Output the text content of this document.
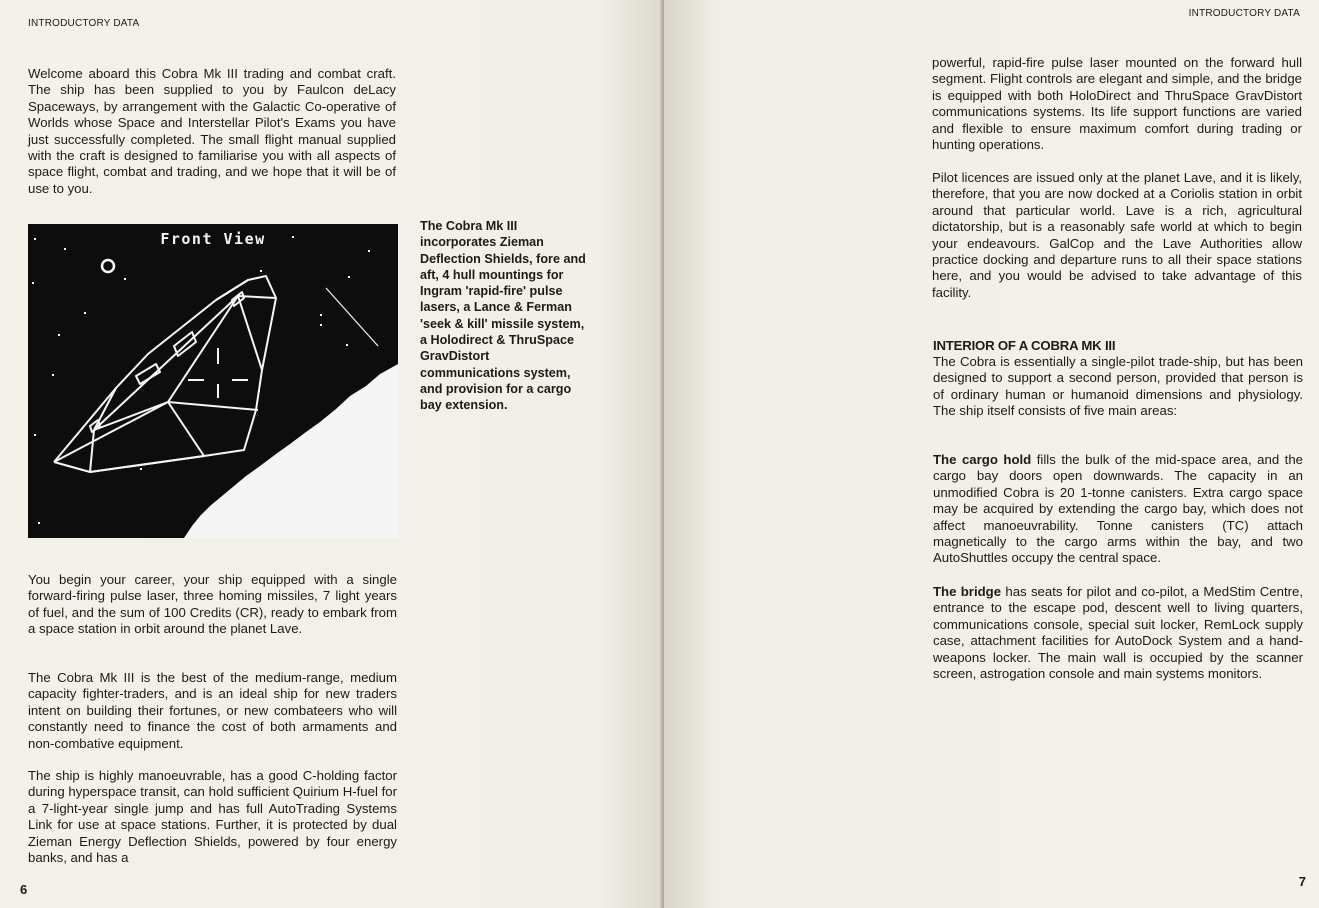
INTRODUCTORY DATA

Welcome aboard this Cobra Mk III trading and combat craft. The ship has been supplied to you by Faulcon deLacy Spaceways, by arrangement with the Galactic Co-operative of Worlds whose Space and Interstellar Pilot's Exams you have just successfully completed. The small flight manual supplied with the craft is designed to familiarise you with all aspects of space flight, combat and trading, and we hope that it will be of use to you.

Front View

The Cobra Mk III incorporates Zieman Deflection Shields, fore and aft, 4 hull mountings for Ingram 'rapid-fire' pulse lasers, a Lance & Ferman 'seek & kill' missile system, a Holodirect & ThruSpace GravDistort communications system, and provision for a cargo bay extension.

You begin your career, your ship equipped with a single forward-firing pulse laser, three homing missiles, 7 light years of fuel, and the sum of 100 Credits (CR), ready to embark from a space station in orbit around the planet Lave.

The Cobra Mk III is the best of the medium-range, medium capacity fighter-traders, and is an ideal ship for new traders intent on building their fortunes, or new combateers who will constantly need to finance the cost of both armaments and non-combative equipment.

The ship is highly manoeuvrable, has a good C-holding factor during hyperspace transit, can hold sufficient Quirium H-fuel for a 7-light-year single jump and has full AutoTrading Systems Link for use at space stations. Further, it is protected by dual Zieman Energy Deflection Shields, powered by four energy banks, and has a

6
INTRODUCTORY DATA
7

powerful, rapid-fire pulse laser mounted on the forward hull segment. Flight controls are elegant and simple, and the bridge is equipped with both HoloDirect and ThruSpace GravDistort communications systems. Its life support functions are varied and flexible to ensure maximum comfort during trading or hunting operations.

Pilot licences are issued only at the planet Lave, and it is likely, therefore, that you are now docked at a Coriolis station in orbit around that particular world. Lave is a rich, agricultural dictatorship, but is a reasonably safe world at which to begin your endeavours. GalCop and the Lave Authorities allow practice docking and departure runs to all their space stations here, and you would be advised to take advantage of this facility.

INTERIOR OF A COBRA MK III

The Cobra is essentially a single-pilot trade-ship, but has been designed to support a second person, provided that person is of ordinary human or humanoid dimensions and physiology. The ship itself consists of five main areas:

The cargo hold fills the bulk of the mid-space area, and the cargo bay doors open downwards. The capacity in an unmodified Cobra is 20 1-tonne canisters. Extra cargo space may be acquired by extending the cargo bay, which does not affect manoeuvrability. Tonne canisters (TC) attach magnetically to the cargo arms within the bay, and two AutoShuttles occupy the central space.

The bridge has seats for pilot and co-pilot, a MedStim Centre, entrance to the escape pod, descent well to living quarters, communications console, special suit locker, RemLock supply case, attachment facilities for AutoDock System and a hand-weapons locker. The main wall is occupied by the scanner screen, astrogation console and main systems monitors.
